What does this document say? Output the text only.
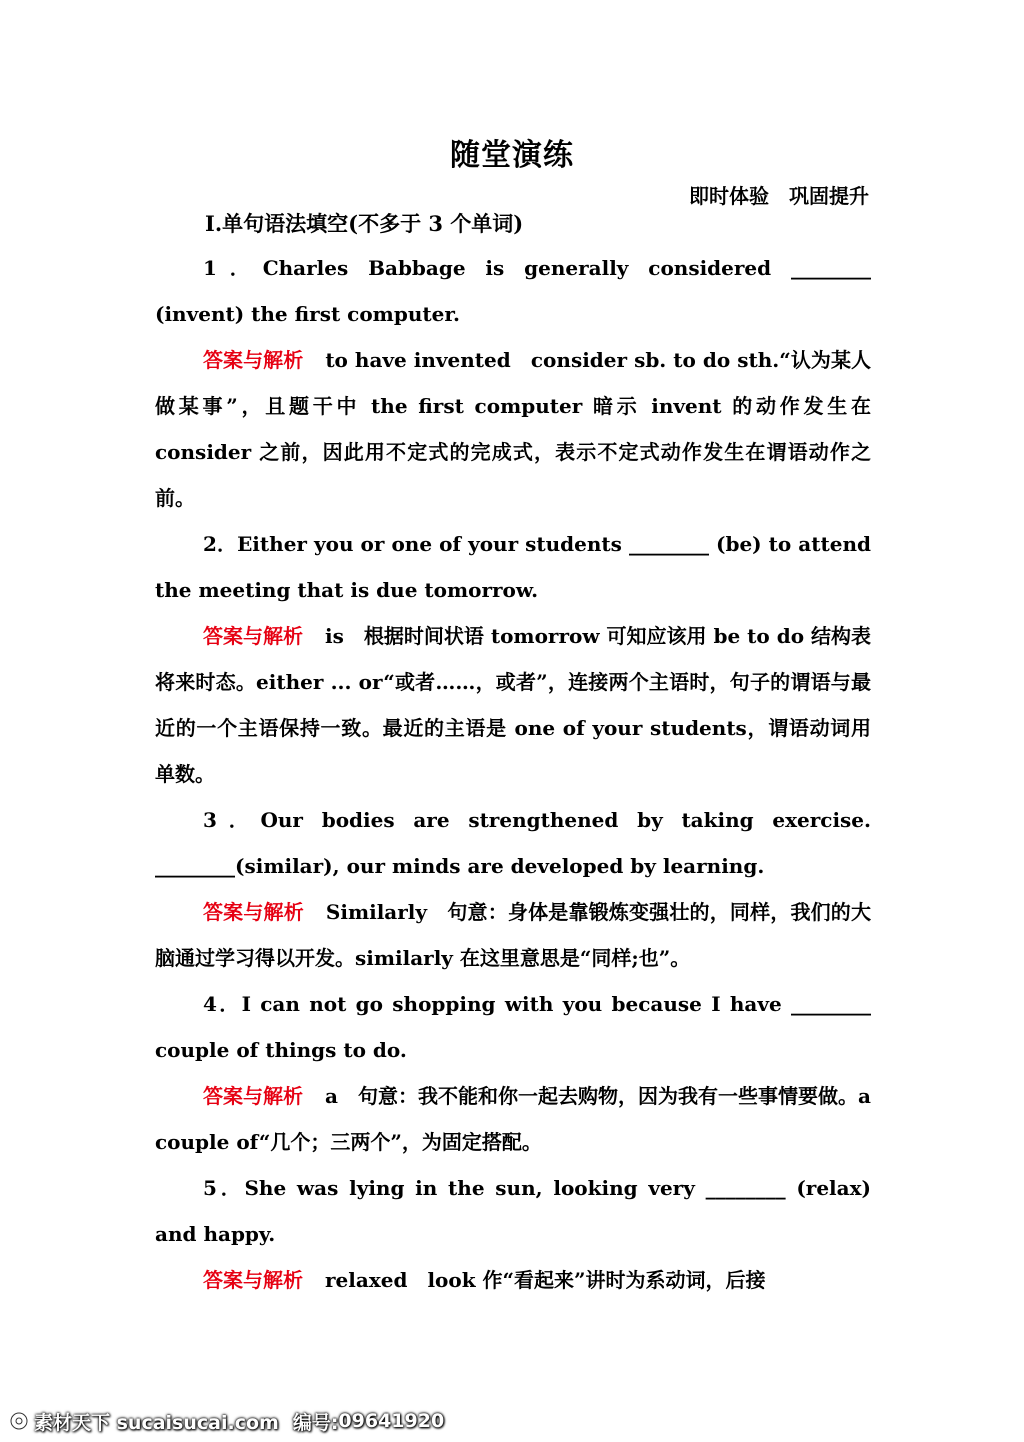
随堂演练
即时体验　巩固提升
Ⅰ.单句语法填空(不多于 3 个单词)

1．Charles Babbage is generally considered ________ (invent) the first computer.

答案与解析 to have invented　consider sb. to do sth.“认为某人做某事”，且题干中 the first computer 暗示 invent 的动作发生在 consider 之前，因此用不定式的完成式，表示不定式动作发生在谓语动作之前。

2．Either you or one of your students ________ (be) to attend the meeting that is due tomorrow.

答案与解析 is　根据时间状语 tomorrow 可知应该用 be to do 结构表将来时态。either ... or“或者……，或者”，连接两个主语时，句子的谓语与最近的一个主语保持一致。最近的主语是 one of your students，谓语动词用单数。

3．Our bodies are strengthened by taking exercise. ________(similar), our minds are developed by learning.

答案与解析 Similarly　句意：身体是靠锻炼变强壮的，同样，我们的大脑通过学习得以开发。similarly 在这里意思是“同样;也”。

4．I can not go shopping with you because I have ________ couple of things to do.

答案与解析 a　句意：我不能和你一起去购物，因为我有一些事情要做。a couple of“几个；三两个”，为固定搭配。

5．She was lying in the sun, looking very ________ (relax) and happy.

答案与解析 relaxed　look 作“看起来”讲时为系动词，后接

素材天下 sucaisucai.com 编号: 09641920
